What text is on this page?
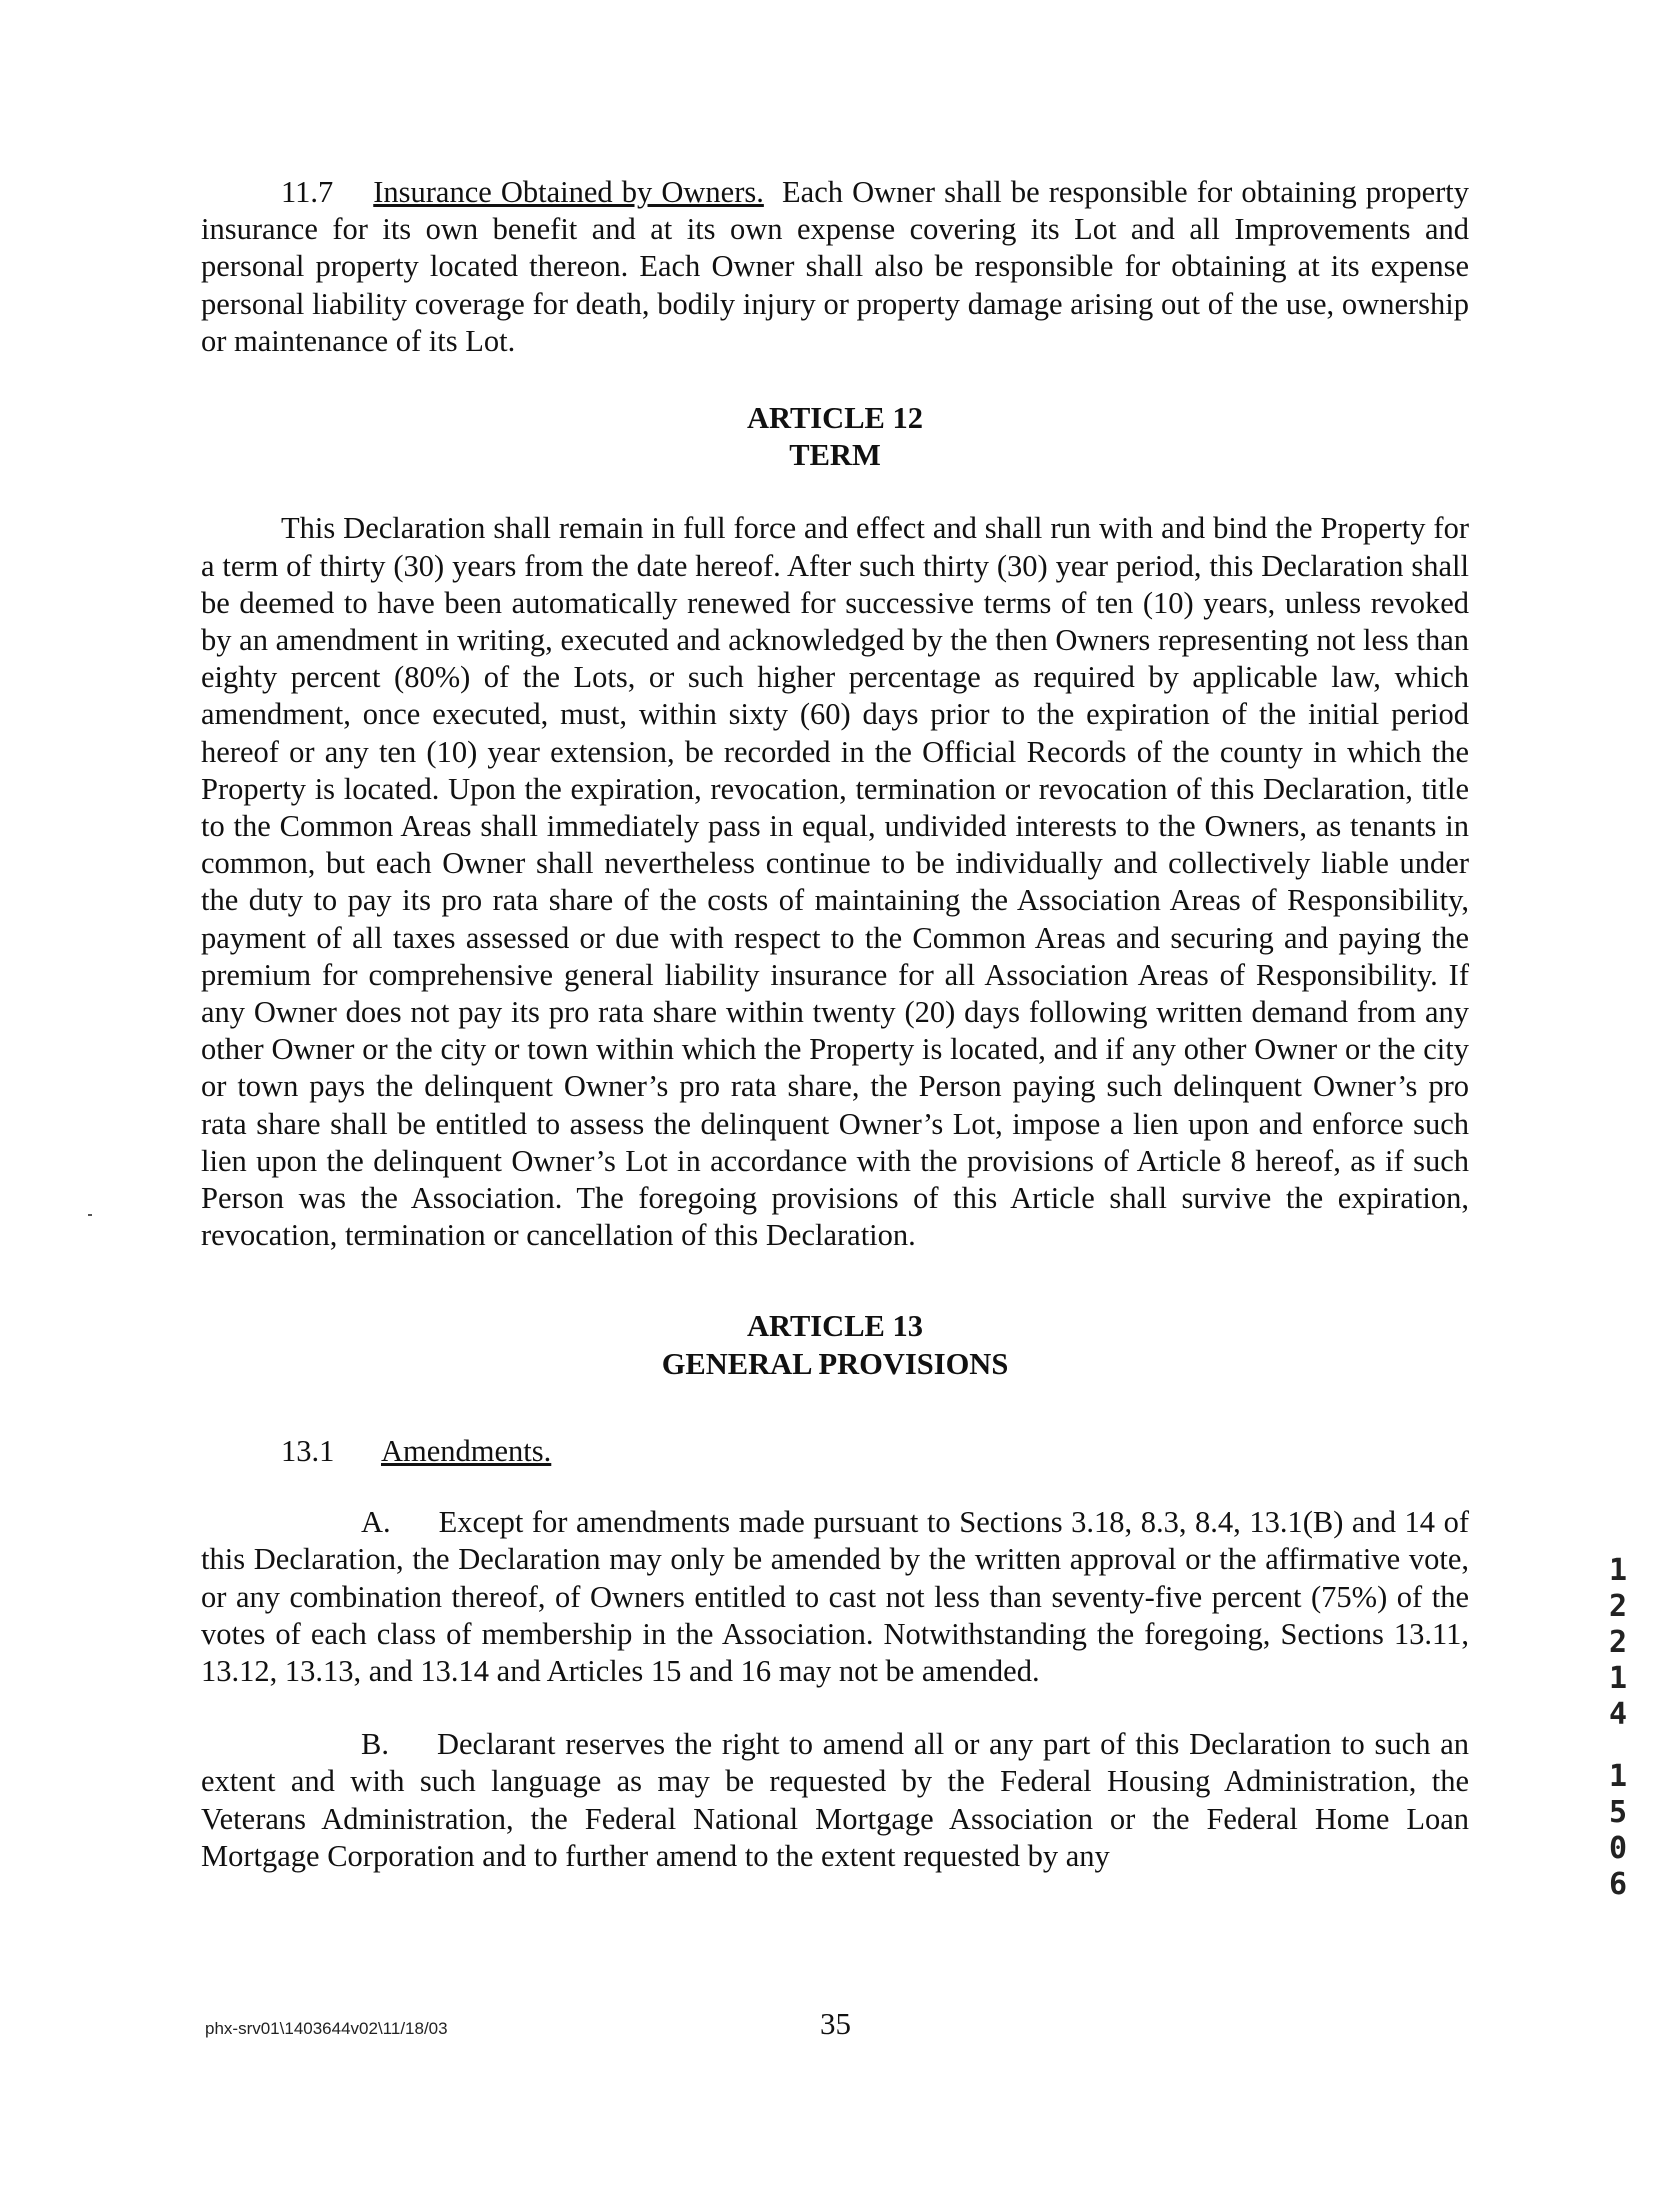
11.7 Insurance Obtained by Owners. Each Owner shall be responsible for obtaining property insurance for its own benefit and at its own expense covering its Lot and all Improvements and personal property located thereon. Each Owner shall also be responsible for obtaining at its expense personal liability coverage for death, bodily injury or property damage arising out of the use, ownership or maintenance of its Lot.

ARTICLE 12

TERM

This Declaration shall remain in full force and effect and shall run with and bind the Property for a term of thirty (30) years from the date hereof. After such thirty (30) year period, this Declaration shall be deemed to have been automatically renewed for successive terms of ten (10) years, unless revoked by an amendment in writing, executed and acknowledged by the then Owners representing not less than eighty percent (80%) of the Lots, or such higher percentage as required by applicable law, which amendment, once executed, must, within sixty (60) days prior to the expiration of the initial period hereof or any ten (10) year extension, be recorded in the Official Records of the county in which the Property is located. Upon the expiration, revocation, termination or revocation of this Declaration, title to the Common Areas shall immediately pass in equal, undivided interests to the Owners, as tenants in common, but each Owner shall nevertheless continue to be individually and collectively liable under the duty to pay its pro rata share of the costs of maintaining the Association Areas of Responsibility, payment of all taxes assessed or due with respect to the Common Areas and securing and paying the premium for comprehensive general liability insurance for all Association Areas of Responsibility. If any Owner does not pay its pro rata share within twenty (20) days following written demand from any other Owner or the city or town within which the Property is located, and if any other Owner or the city or town pays the delinquent Owner’s pro rata share, the Person paying such delinquent Owner’s pro rata share shall be entitled to assess the delinquent Owner’s Lot, impose a lien upon and enforce such lien upon the delinquent Owner’s Lot in accordance with the provisions of Article 8 hereof, as if such Person was the Association. The foregoing provisions of this Article shall survive the expiration, revocation, termination or cancellation of this Declaration.

ARTICLE 13

GENERAL PROVISIONS

13.1 Amendments.

A. Except for amendments made pursuant to Sections 3.18, 8.3, 8.4, 13.1(B) and 14 of this Declaration, the Declaration may only be amended by the written approval or the affirmative vote, or any combination thereof, of Owners entitled to cast not less than seventy-five percent (75%) of the votes of each class of membership in the Association. Notwithstanding the foregoing, Sections 13.11, 13.12, 13.13, and 13.14 and Articles 15 and 16 may not be amended.

B. Declarant reserves the right to amend all or any part of this Declaration to such an extent and with such language as may be requested by the Federal Housing Administration, the Veterans Administration, the Federal National Mortgage Association or the Federal Home Loan Mortgage Corporation and to further amend to the extent requested by any

1
2
2
1
4
1
5
0
6
phx-srv01\1403644v02\11/18/03	35
